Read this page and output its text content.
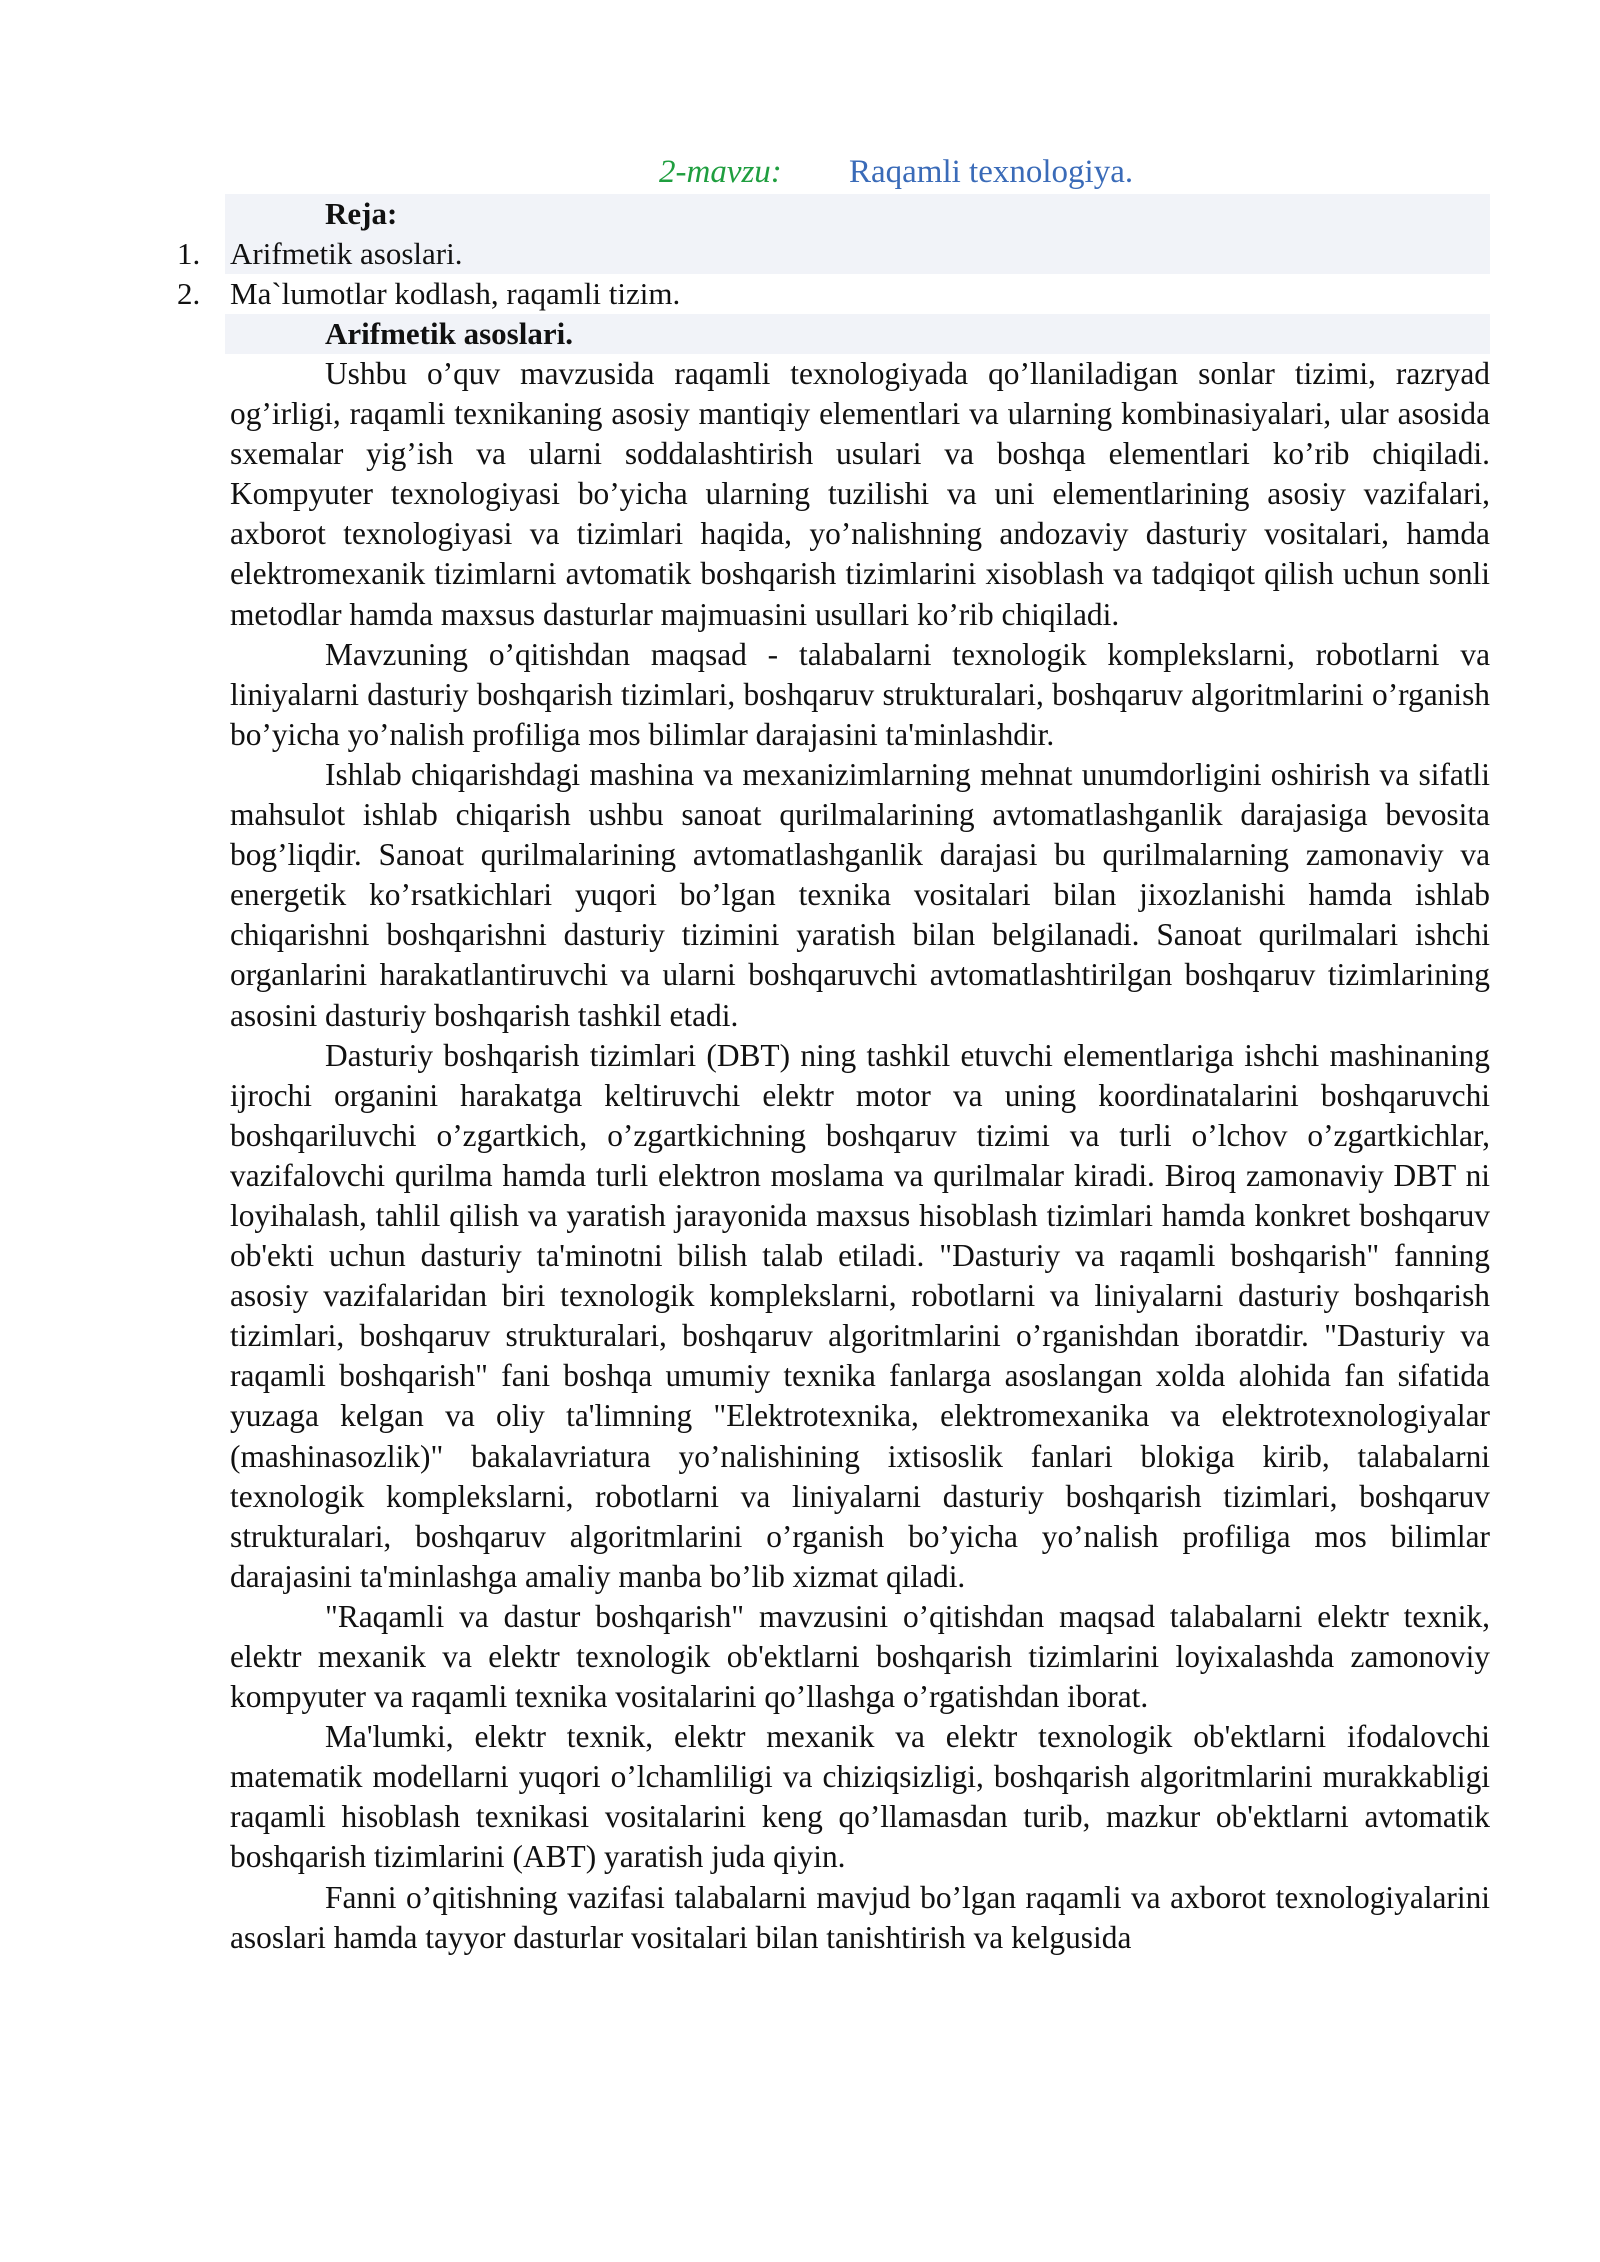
2-mavzu: Raqamli texnologiya.
Reja:
1. Arifmetik asoslari.
2. Ma`lumotlar kodlash, raqamli tizim.
Arifmetik asoslari.

Ushbu o’quv mavzusida raqamli texnologiyada qo’llaniladigan sonlar tizimi, razryad og’irligi, raqamli texnikaning asosiy mantiqiy elementlari va ularning kombinasiyalari, ular asosida sxemalar yig’ish va ularni soddalashtirish usulari va boshqa elementlari ko’rib chiqiladi. Kompyuter texnologiyasi bo’yicha ularning tuzilishi va uni elementlarining asosiy vazifalari, axborot texnologiyasi va tizimlari haqida, yo’nalishning andozaviy dasturiy vositalari, hamda elektromexanik tizimlarni avtomatik boshqarish tizimlarini xisoblash va tadqiqot qilish uchun sonli metodlar hamda maxsus dasturlar majmuasini usullari ko’rib chiqiladi.

Mavzuning o’qitishdan maqsad - talabalarni texnologik komplekslarni, robotlarni va liniyalarni dasturiy boshqarish tizimlari, boshqaruv strukturalari, boshqaruv algoritmlarini o’rganish bo’yicha yo’nalish profiliga mos bilimlar darajasini ta'minlashdir.

Ishlab chiqarishdagi mashina va mexanizimlarning mehnat unumdorligini oshirish va sifatli mahsulot ishlab chiqarish ushbu sanoat qurilmalarining avtomatlashganlik darajasiga bevosita bog’liqdir. Sanoat qurilmalarining avtomatlashganlik darajasi bu qurilmalarning zamonaviy va energetik ko’rsatkichlari yuqori bo’lgan texnika vositalari bilan jixozlanishi hamda ishlab chiqarishni boshqarishni dasturiy tizimini yaratish bilan belgilanadi. Sanoat qurilmalari ishchi organlarini harakatlantiruvchi va ularni boshqaruvchi avtomatlashtirilgan boshqaruv tizimlarining asosini dasturiy boshqarish tashkil etadi.

Dasturiy boshqarish tizimlari (DBT) ning tashkil etuvchi elementlariga ishchi mashinaning ijrochi organini harakatga keltiruvchi elektr motor va uning koordinatalarini boshqaruvchi boshqariluvchi o’zgartkich, o’zgartkichning boshqaruv tizimi va turli o’lchov o’zgartkichlar, vazifalovchi qurilma hamda turli elektron moslama va qurilmalar kiradi. Biroq zamonaviy DBT ni loyihalash, tahlil qilish va yaratish jarayonida maxsus hisoblash tizimlari hamda konkret boshqaruv ob'ekti uchun dasturiy ta'minotni bilish talab etiladi. "Dasturiy va raqamli boshqarish" fanning asosiy vazifalaridan biri texnologik komplekslarni, robotlarni va liniyalarni dasturiy boshqarish tizimlari, boshqaruv strukturalari, boshqaruv algoritmlarini o’rganishdan iboratdir. "Dasturiy va raqamli boshqarish" fani boshqa umumiy texnika fanlarga asoslangan xolda alohida fan sifatida yuzaga kelgan va oliy ta'limning "Elektrotexnika, elektromexanika va elektrotexnologiyalar (mashinasozlik)" bakalavriatura yo’nalishining ixtisoslik fanlari blokiga kirib, talabalarni texnologik komplekslarni, robotlarni va liniyalarni dasturiy boshqarish tizimlari, boshqaruv strukturalari, boshqaruv algoritmlarini o’rganish bo’yicha yo’nalish profiliga mos bilimlar darajasini ta'minlashga amaliy manba bo’lib xizmat qiladi.

"Raqamli va dastur boshqarish" mavzusini o’qitishdan maqsad talabalarni elektr texnik, elektr mexanik va elektr texnologik ob'ektlarni boshqarish tizimlarini loyixalashda zamonoviy kompyuter va raqamli texnika vositalarini qo’llashga o’rgatishdan iborat.

Ma'lumki, elektr texnik, elektr mexanik va elektr texnologik ob'ektlarni ifodalovchi matematik modellarni yuqori o’lchamliligi va chiziqsizligi, boshqarish algoritmlarini murakkabligi raqamli hisoblash texnikasi vositalarini keng qo’llamasdan turib, mazkur ob'ektlarni avtomatik boshqarish tizimlarini (ABT) yaratish juda qiyin.

Fanni o’qitishning vazifasi talabalarni mavjud bo’lgan raqamli va axborot texnologiyalarini asoslari hamda tayyor dasturlar vositalari bilan tanishtirish va kelgusida
